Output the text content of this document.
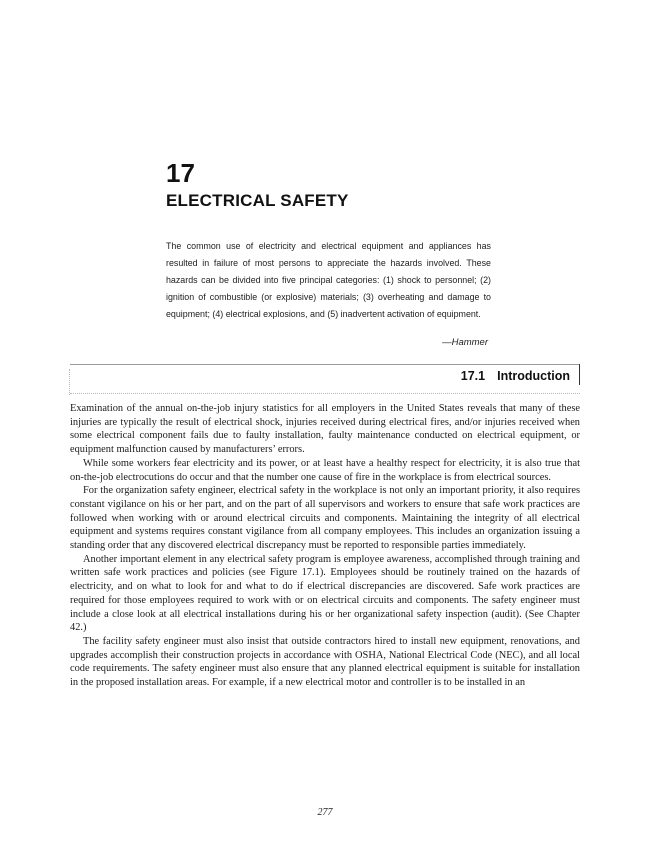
17
ELECTRICAL SAFETY
The common use of electricity and electrical equipment and appliances has resulted in failure of most persons to appreciate the hazards involved. These hazards can be divided into five principal categories: (1) shock to personnel; (2) ignition of combustible (or explosive) materials; (3) overheating and damage to equipment; (4) electrical explosions, and (5) inadvertent activation of equipment.
—Hammer
17.1 Introduction

Examination of the annual on-the-job injury statistics for all employers in the United States reveals that many of these injuries are typically the result of electrical shock, injuries received during electrical fires, and/or injuries received when some electrical component fails due to faulty installation, faulty maintenance conducted on electrical equipment, or equipment malfunction caused by manufacturers’ errors.

While some workers fear electricity and its power, or at least have a healthy respect for electricity, it is also true that on-the-job electrocutions do occur and that the number one cause of fire in the workplace is from electrical sources.

For the organization safety engineer, electrical safety in the workplace is not only an important priority, it also requires constant vigilance on his or her part, and on the part of all supervisors and workers to ensure that safe work practices are followed when working with or around electrical circuits and components. Maintaining the integrity of all electrical equipment and systems requires constant vigilance from all company employees. This includes an organization issuing a standing order that any discovered electrical discrepancy must be reported to responsible parties immediately.

Another important element in any electrical safety program is employee awareness, accomplished through training and written safe work practices and policies (see Figure 17.1). Employees should be routinely trained on the hazards of electricity, and on what to look for and what to do if electrical discrepancies are discovered. Safe work practices are required for those employees required to work with or on electrical circuits and components. The safety engineer must include a close look at all electrical installations during his or her organizational safety inspection (audit). (See Chapter 42.)

The facility safety engineer must also insist that outside contractors hired to install new equipment, renovations, and upgrades accomplish their construction projects in accordance with OSHA, National Electrical Code (NEC), and all local code requirements. The safety engineer must also ensure that any planned electrical equipment is suitable for installation in the proposed installation areas. For example, if a new electrical motor and controller is to be installed in an

277
